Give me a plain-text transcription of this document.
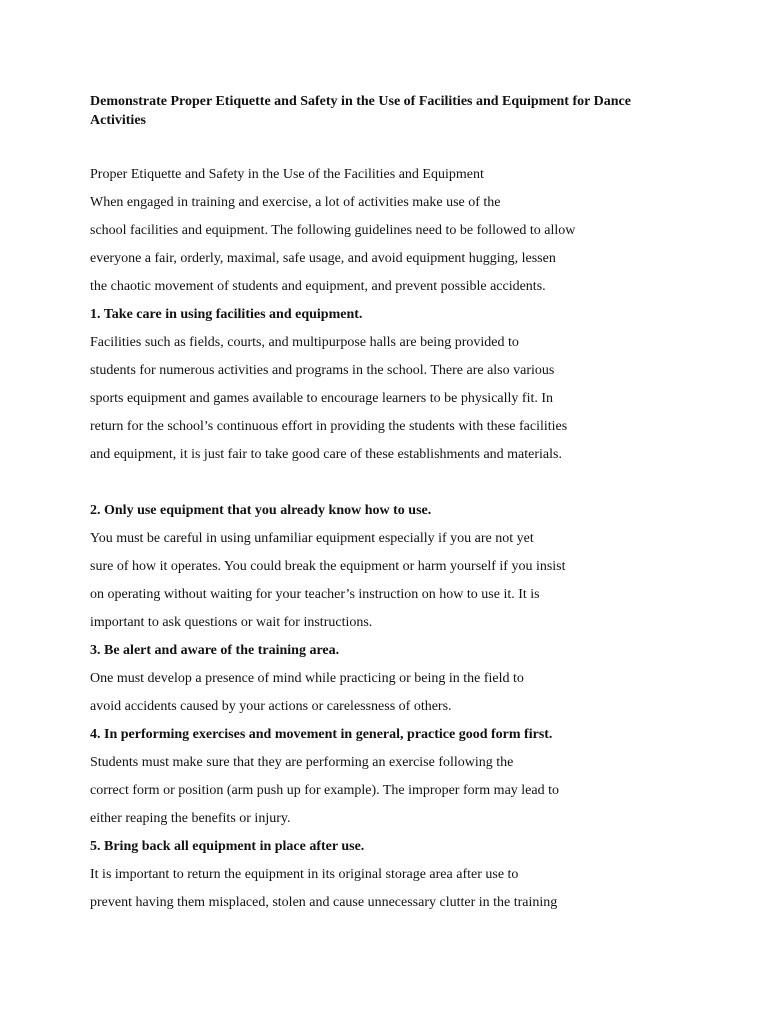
Demonstrate Proper Etiquette and Safety in the Use of Facilities and Equipment for Dance Activities

Proper Etiquette and Safety in the Use of the Facilities and Equipment

When engaged in training and exercise, a lot of activities make use of the

school facilities and equipment. The following guidelines need to be followed to allow

everyone a fair, orderly, maximal, safe usage, and avoid equipment hugging, lessen

the chaotic movement of students and equipment, and prevent possible accidents.

1. Take care in using facilities and equipment.

Facilities such as fields, courts, and multipurpose halls are being provided to

students for numerous activities and programs in the school. There are also various

sports equipment and games available to encourage learners to be physically fit. In

return for the school’s continuous effort in providing the students with these facilities

and equipment, it is just fair to take good care of these establishments and materials.

2. Only use equipment that you already know how to use.

You must be careful in using unfamiliar equipment especially if you are not yet

sure of how it operates. You could break the equipment or harm yourself if you insist

on operating without waiting for your teacher’s instruction on how to use it. It is

important to ask questions or wait for instructions.

3. Be alert and aware of the training area.

One must develop a presence of mind while practicing or being in the field to

avoid accidents caused by your actions or carelessness of others.

4. In performing exercises and movement in general, practice good form first.

Students must make sure that they are performing an exercise following the

correct form or position (arm push up for example). The improper form may lead to

either reaping the benefits or injury.

5. Bring back all equipment in place after use.

It is important to return the equipment in its original storage area after use to

prevent having them misplaced, stolen and cause unnecessary clutter in the training
